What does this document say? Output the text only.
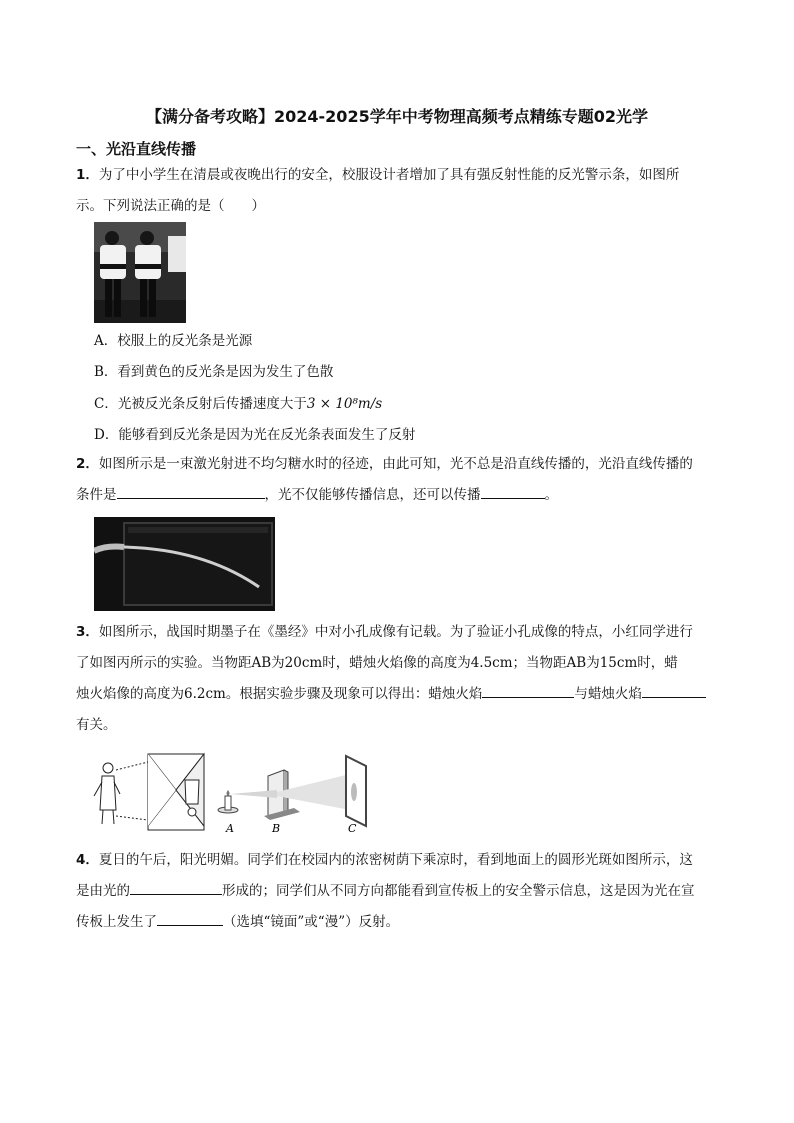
【满分备考攻略】2024-2025学年中考物理高频考点精练专题02光学
一、光沿直线传播
1．为了中小学生在清晨或夜晚出行的安全，校服设计者增加了具有强反射性能的反光警示条，如图所
示。下列说法正确的是（　　）
A．校服上的反光条是光源
B．看到黄色的反光条是因为发生了色散
C．光被反光条反射后传播速度大于3 × 10⁸m/s
D．能够看到反光条是因为光在反光条表面发生了反射
2．如图所示是一束激光射进不均匀糖水时的径迹，由此可知，光不总是沿直线传播的，光沿直线传播的
条件是	，光不仅能够传播信息，还可以传播	。
3．如图所示，战国时期墨子在《墨经》中对小孔成像有记载。为了验证小孔成像的特点，小红同学进行
了如图丙所示的实验。当物距AB为20cm时，蜡烛火焰像的高度为4.5cm；当物距AB为15cm时，蜡
烛火焰像的高度为6.2cm。根据实验步骤及现象可以得出：蜡烛火焰	与蜡烛火焰
有关。
A	B	C
4．夏日的午后，阳光明媚。同学们在校园内的浓密树荫下乘凉时，看到地面上的圆形光斑如图所示，这
是由光的	形成的；同学们从不同方向都能看到宣传板上的安全警示信息，这是因为光在宣
传板上发生了	（选填“镜面”或“漫”）反射。
